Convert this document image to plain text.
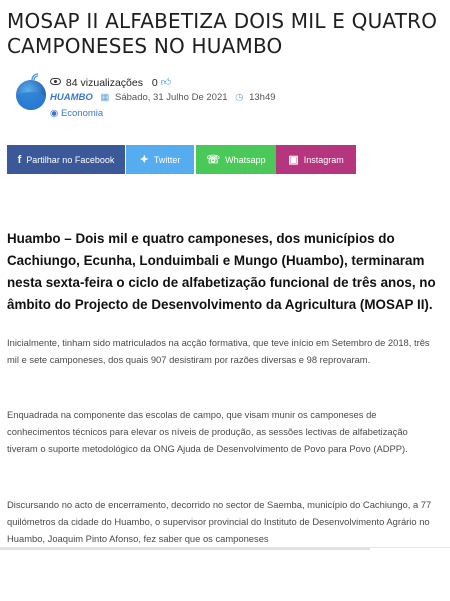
MOSAP II ALFABETIZA DOIS MIL E QUATRO CAMPONESES NO HUAMBO
84 vizualizações 0 👍︎
HUAMBO ▦ Sábado, 31 Julho De 2021 ◷ 13h49
◉ Economia
f Partilhar no Facebook ✦ Twitter ☏ Whatsapp ▣ Instagram

Huambo – Dois mil e quatro camponeses, dos municípios do Cachiungo, Ecunha, Londuimbali e Mungo (Huambo), terminaram nesta sexta-feira o ciclo de alfabetização funcional de três anos, no âmbito do Projecto de Desenvolvimento da Agricultura (MOSAP II).

Inicialmente, tinham sido matriculados na acção formativa, que teve início em Setembro de 2018, três mil e sete camponeses, dos quais 907 desistiram por razões diversas e 98 reprovaram.

Enquadrada na componente das escolas de campo, que visam munir os camponeses de conhecimentos técnicos para elevar os níveis de produção, as sessões lectivas de alfabetização tiveram o suporte metodológico da ONG Ajuda de Desenvolvimento de Povo para Povo (ADPP).

Discursando no acto de encerramento, decorrido no sector de Saemba, município do Cachiungo, a 77 quilómetros da cidade do Huambo, o supervisor provincial do Instituto de Desenvolvimento Agrário no Huambo, Joaquim Pinto Afonso, fez saber que os camponeses
